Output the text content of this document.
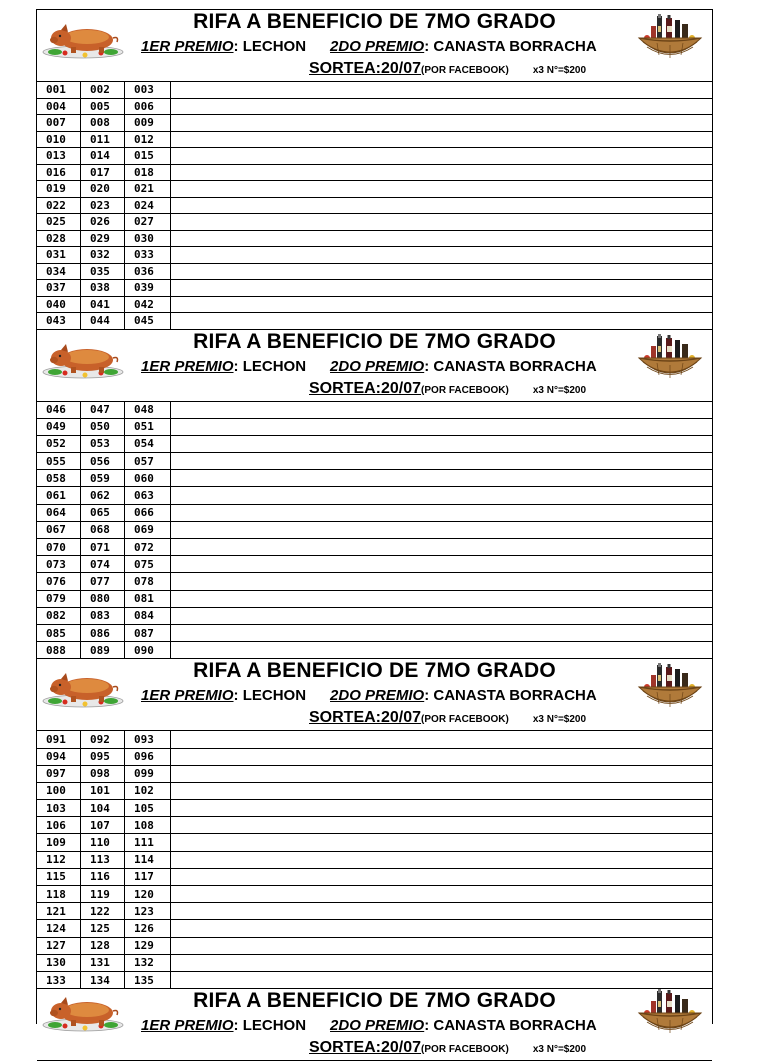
RIFA A BENEFICIO DE 7MO GRADO
1ER PREMIO: LECHON 2DO PREMIO: CANASTA BORRACHA
SORTEA:20/07(POR FACEBOOK) x3 N°=$200
001	002	003
004	005	006
007	008	009
010	011	012
013	014	015
016	017	018
019	020	021
022	023	024
025	026	027
028	029	030
031	032	033
034	035	036
037	038	039
040	041	042
043	044	045
RIFA A BENEFICIO DE 7MO GRADO
1ER PREMIO: LECHON 2DO PREMIO: CANASTA BORRACHA
SORTEA:20/07(POR FACEBOOK) x3 N°=$200
046	047	048
049	050	051
052	053	054
055	056	057
058	059	060
061	062	063
064	065	066
067	068	069
070	071	072
073	074	075
076	077	078
079	080	081
082	083	084
085	086	087
088	089	090
RIFA A BENEFICIO DE 7MO GRADO
1ER PREMIO: LECHON 2DO PREMIO: CANASTA BORRACHA
SORTEA:20/07(POR FACEBOOK) x3 N°=$200
091	092	093
094	095	096
097	098	099
100	101	102
103	104	105
106	107	108
109	110	111
112	113	114
115	116	117
118	119	120
121	122	123
124	125	126
127	128	129
130	131	132
133	134	135
RIFA A BENEFICIO DE 7MO GRADO
1ER PREMIO: LECHON 2DO PREMIO: CANASTA BORRACHA
SORTEA:20/07(POR FACEBOOK) x3 N°=$200
